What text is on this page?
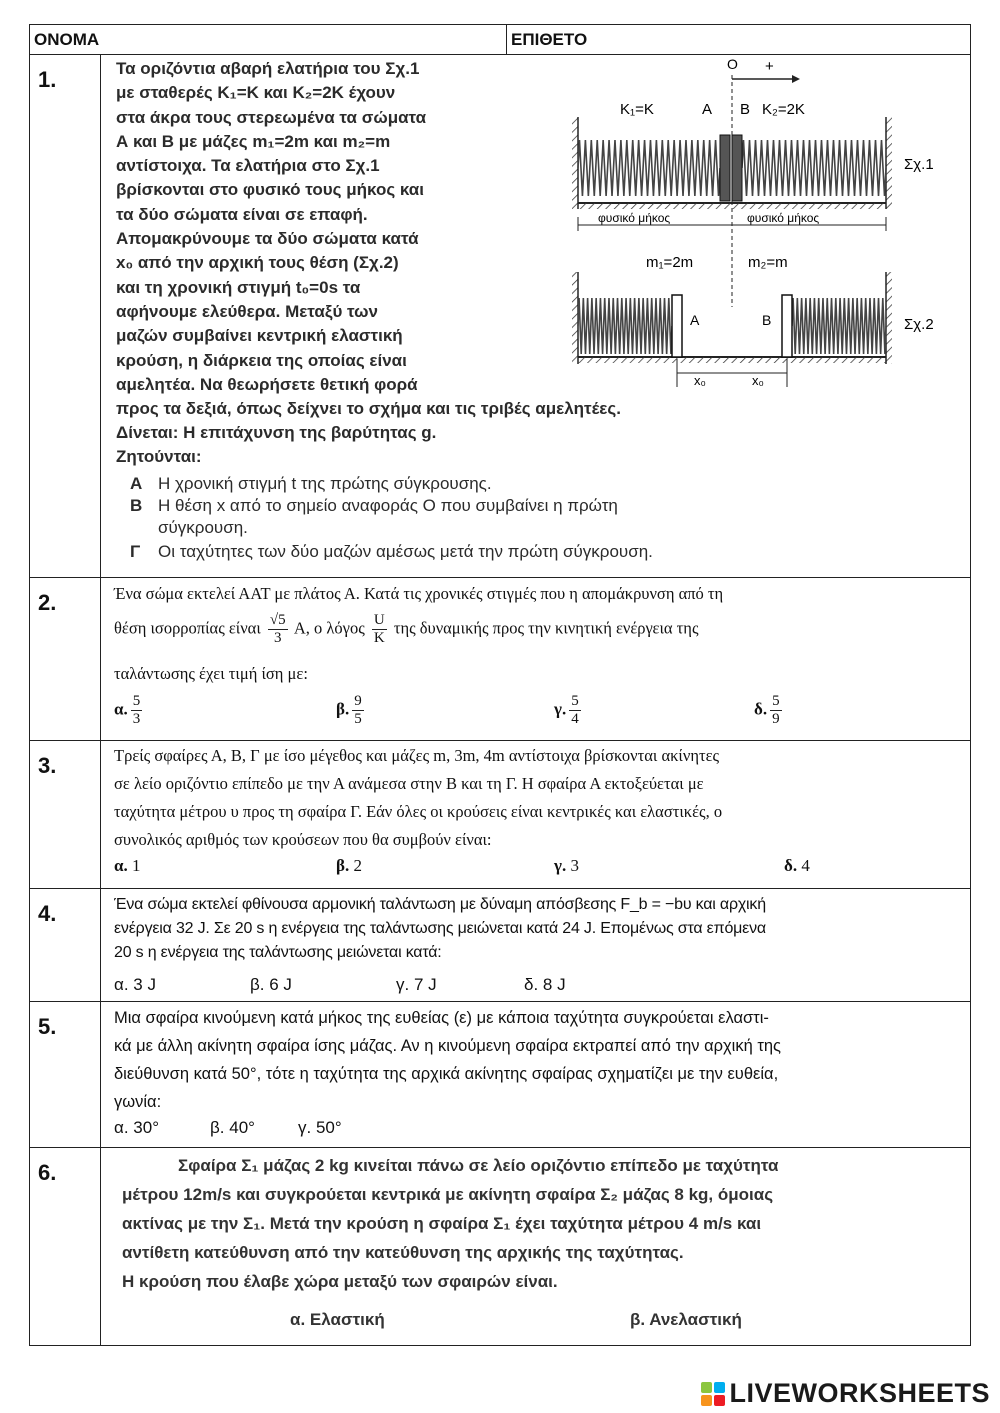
ΟΝΟΜΑ	ΕΠΙΘΕΤΟ
1.	Τα οριζόντια αβαρή ελατήρια του Σχ.1
με σταθερές K₁=K και K₂=2K έχουν
στα άκρα τους στερεωμένα τα σώματα
Α και Β με μάζες m₁=2m και m₂=m
αντίστοιχα. Τα ελατήρια στο Σχ.1
βρίσκονται στο φυσικό τους μήκος και
τα δύο σώματα είναι σε επαφή.
Απομακρύνουμε τα δύο σώματα κατά
x₀ από την αρχική τους θέση (Σχ.2)
και τη χρονική στιγμή t₀=0s τα
αφήνουμε ελεύθερα. Μεταξύ των
μαζών συμβαίνει κεντρική ελαστική
κρούση, η διάρκεια της οποίας είναι
αμελητέα. Να θεωρήσετε θετική φορά
O +
K₁=K	A B K₂=2K
Σχ.1
φυσικό μήκος	φυσικό μήκος
m₁=2m	m₂=m
A	B	Σχ.2
x₀	x₀
προς τα δεξιά, όπως δείχνει το σχήμα και τις τριβές αμελητέες.
Δίνεται: Η επιτάχυνση της βαρύτητας g.
Ζητούνται:
Α Η χρονική στιγμή t της πρώτης σύγκρουσης.
Β Η θέση x από το σημείο αναφοράς Ο που συμβαίνει η πρώτη
σύγκρουση.
Γ Οι ταχύτητες των δύο μαζών αμέσως μετά την πρώτη σύγκρουση.
2.	Ένα σώμα εκτελεί ΑΑΤ με πλάτος Α. Κατά τις χρονικές στιγμές που η απομάκρυνση από τη
θέση ισορροπίας είναι $\frac{√5}{3} A$, ο λόγος $\frac{U}{K}$ της δυναμικής προς την κινητική ενέργεια της
ταλάντωσης έχει τιμή ίση με:
α. $\frac{5}{3}$	β. $\frac{9}{5}$	γ. $\frac{5}{4}$	δ. $\frac{5}{9}$
3.	Τρείς σφαίρες Α, Β, Γ με ίσο μέγεθος και μάζες m, 3m, 4m αντίστοιχα βρίσκονται ακίνητες
σε λείο οριζόντιο επίπεδο με την Α ανάμεσα στην Β και τη Γ. Η σφαίρα Α εκτοξεύεται με
ταχύτητα μέτρου υ προς τη σφαίρα Γ. Εάν όλες οι κρούσεις είναι κεντρικές και ελαστικές, ο
συνολικός αριθμός των κρούσεων που θα συμβούν είναι:
α. 1	β. 2	γ. 3	δ. 4
4.	Ένα σώμα εκτελεί φθίνουσα αρμονική ταλάντωση με δύναμη απόσβεσης F_b = −bυ και αρχική
ενέργεια 32 J. Σε 20 s η ενέργεια της ταλάντωσης μειώνεται κατά 24 J. Επομένως στα επόμενα
20 s η ενέργεια της ταλάντωσης μειώνεται κατά:
α. 3 J	β. 6 J	γ. 7 J	δ. 8 J
5.	Μια σφαίρα κινούμενη κατά μήκος της ευθείας (ε) με κάποια ταχύτητα συγκρούεται ελαστι-
κά με άλλη ακίνητη σφαίρα ίσης μάζας. Αν η κινούμενη σφαίρα εκτραπεί από την αρχική της
διεύθυνση κατά 50°, τότε η ταχύτητα της αρχικά ακίνητης σφαίρας σχηματίζει με την ευθεία,
γωνία:
α. 30°	β. 40°	γ. 50°
6.	Σφαίρα Σ₁ μάζας 2 kg κινείται πάνω σε λείο οριζόντιο επίπεδο με ταχύτητα
μέτρου 12m/s και συγκρούεται κεντρικά με ακίνητη σφαίρα Σ₂ μάζας 8 kg, όμοιας
ακτίνας με την Σ₁. Μετά την κρούση η σφαίρα Σ₁ έχει ταχύτητα μέτρου 4 m/s και
αντίθετη κατεύθυνση από την κατεύθυνση της αρχικής της ταχύτητας.
Η κρούση που έλαβε χώρα μεταξύ των σφαιρών είναι.
α. Ελαστική	β. Ανελαστική
LIVEWORKSHEETS
